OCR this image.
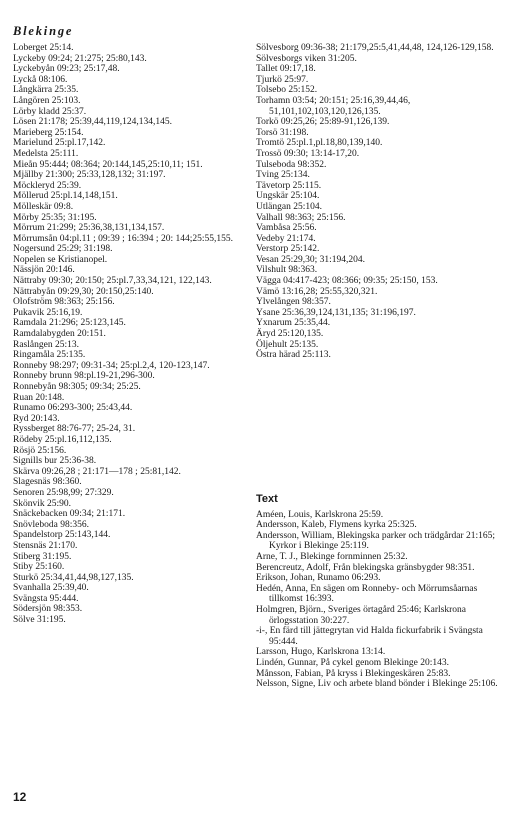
Blekinge

Loberget 25:14.

Lyckeby 09:24; 21:275; 25:80,143.

Lyckebyån 09:23; 25:17,48.

Lyckå 08:106.

Långkärra 25:35.

Långören 25:103.

Lörby kladd 25:37.

Lösen 21:178; 25:39,44,119,124,134,145.

Marieberg 25:154.

Marielund 25:pl.17,142.

Medelsta 25:111.

Mieån 95:444; 08:364; 20:144,145,25:10,11; 151.

Mjällby 21:300; 25:33,128,132; 31:197.

Möckleryd 25:39.

Möllerud 25:pl.14,148,151.

Mölleskär 09:8.

Mörby 25:35; 31:195.

Mörrum 21:299; 25:36,38,131,134,157.

Mörrumsån 04:pl.11 ; 09:39 ; 16:394 ; 20: 144;25:55,155.

Nogersund 25:29; 31:198.

Nopelen se Kristianopel.

Nässjön 20:146.

Nättraby 09:30; 20:150; 25:pl.7,33,34,121, 122,143.

Nättrabyån 09:29,30; 20:150,25:140.

Olofström 98:363; 25:156.

Pukavik 25:16,19.

Ramdala 21:296; 25:123,145.

Ramdalabygden 20:151.

Raslången 25:13.

Ringamåla 25:135.

Ronneby 98:297; 09:31-34; 25:pl.2,4, 120-123,147.

Ronneby brunn 98:pl.19-21,296-300.

Ronnebyån 98:305; 09:34; 25:25.

Ruan 20:148.

Runamo 06:293-300; 25:43,44.

Ryd 20:143.

Ryssberget 88:76-77; 25-24, 31.

Rödeby 25:pl.16,112,135.

Rösjö 25:156.

Signills bur 25:36-38.

Skärva 09:26,28 ; 21:171—178 ; 25:81,142.

Slagesnäs 98:360.

Senoren 25:98,99; 27:329.

Skönvik 25:90.

Snäckebacken 09:34; 21:171.

Snövleboda 98:356.

Spandelstorp 25:143,144.

Stensnäs 21:170.

Stiberg 31:195.

Stiby 25:160.

Sturkö 25:34,41,44,98,127,135.

Svanhalla 25:39,40.

Svängsta 95:444.

Södersjön 98:353.

Sölve 31:195.

Sölvesborg 09:36-38; 21:179,25:5,41,44,48, 124,126-129,158.

Sölvesborgs viken 31:205.

Tallet 09:17,18.

Tjurkö 25:97.

Tolsebo 25:152.

Torhamn 03:54; 20:151; 25:16,39,44,46, 51,101,102,103,120,126,135.

Torkö 09:25,26; 25:89-91,126,139.

Torsö 31:198.

Tromtö 25:pl.1,pl.18,80,139,140.

Trossö 09:30; 13:14-17,20.

Tulseboda 98:352.

Tving 25:134.

Tävetorp 25:115.

Ungskär 25:104.

Utlängan 25:104.

Valhall 98:363; 25:156.

Vambåsa 25:56.

Vedeby 21:174.

Verstorp 25:142.

Vesan 25:29,30; 31:194,204.

Vilshult 98:363.

Vägga 04:417-423; 08:366; 09:35; 25:150, 153.

Vämö 13:16,28; 25:55,320,321.

Ylvelången 98:357.

Ysane 25:36,39,124,131,135; 31:196,197.

Yxnarum 25:35,44.

Äryd 25:120,135.

Öljehult 25:135.

Östra härad 25:113.

Text

Améen, Louis, Karlskrona 25:59.

Andersson, Kaleb, Flymens kyrka 25:325.

Andersson, William, Blekingska parker och trädgårdar 21:165; Kyrkor i Blekinge 25:119.

Arne, T. J., Blekinge fornminnen 25:32.

Berencreutz, Adolf, Från blekingska gränsbygder 98:351.

Erikson, Johan, Runamo 06:293.

Hedén, Anna, En sägen om Ronneby- och Mörrumsåarnas tillkomst 16:393.

Holmgren, Björn., Sveriges örtagård 25:46; Karlskrona örlogsstation 30:227.

-i-, En färd till jättegrytan vid Halda fickurfabrik i Svängsta 95:444.

Larsson, Hugo, Karlskrona 13:14.

Lindén, Gunnar, På cykel genom Blekinge 20:143.

Månsson, Fabian, På kryss i Blekingeskären 25:83.

Nelsson, Signe, Liv och arbete bland bönder i Blekinge 25:106.

12
